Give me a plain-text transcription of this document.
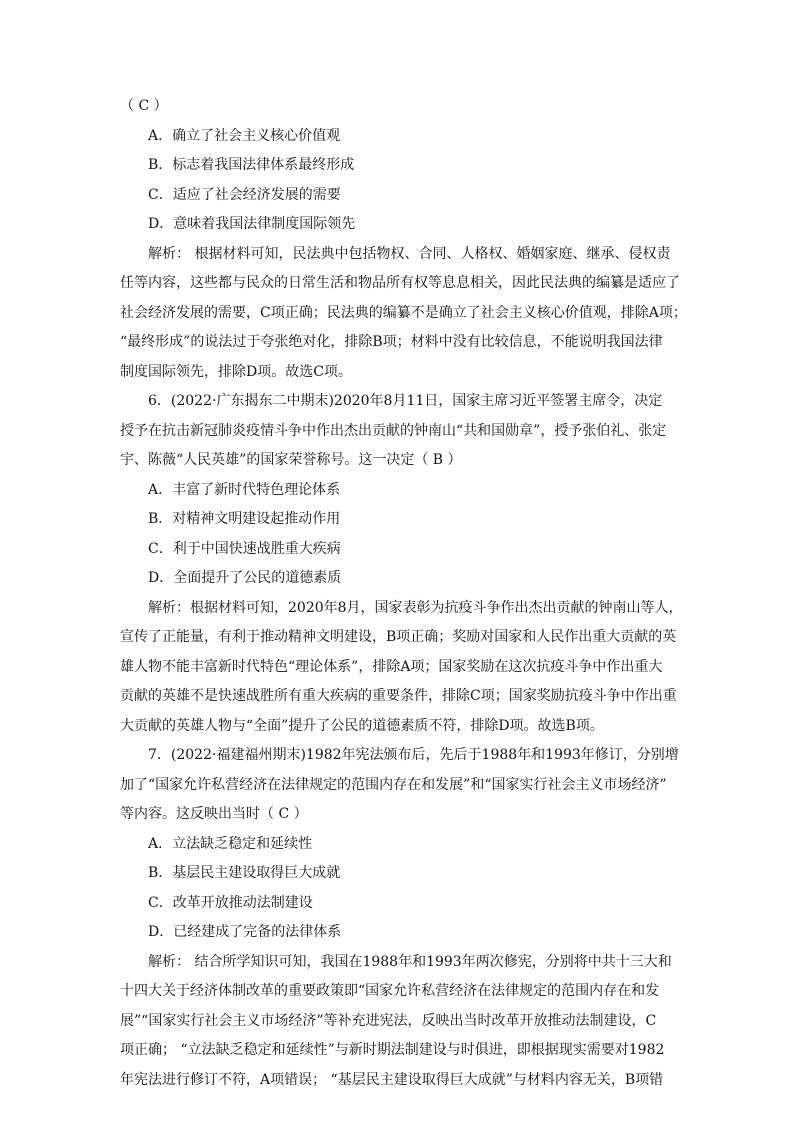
（ C ）
A．确立了社会主义核心价值观
B．标志着我国法律体系最终形成
C．适应了社会经济发展的需要
D．意味着我国法律制度国际领先
解析： 根据材料可知，民法典中包括物权、合同、人格权、婚姻家庭、继承、侵权责
任等内容，这些都与民众的日常生活和物品所有权等息息相关，因此民法典的编纂是适应了
社会经济发展的需要，C项正确；民法典的编纂不是确立了社会主义核心价值观，排除A项；
“最终形成”的说法过于夸张绝对化，排除B项；材料中没有比较信息，不能说明我国法律
制度国际领先，排除D项。故选C项。
6．(2022·广东揭东二中期末)2020年8月11日，国家主席习近平签署主席令，决定
授予在抗击新冠肺炎疫情斗争中作出杰出贡献的钟南山“共和国勋章”，授予张伯礼、张定
宇、陈薇“人民英雄”的国家荣誉称号。这一决定（ B ）
A．丰富了新时代特色理论体系
B．对精神文明建设起推动作用
C．利于中国快速战胜重大疾病
D．全面提升了公民的道德素质
解析：根据材料可知，2020年8月，国家表彰为抗疫斗争作出杰出贡献的钟南山等人，
宣传了正能量，有利于推动精神文明建设，B项正确；奖励对国家和人民作出重大贡献的英
雄人物不能丰富新时代特色“理论体系”，排除A项；国家奖励在这次抗疫斗争中作出重大
贡献的英雄不是快速战胜所有重大疾病的重要条件，排除C项；国家奖励抗疫斗争中作出重
大贡献的英雄人物与“全面”提升了公民的道德素质不符，排除D项。故选B项。
7．(2022·福建福州期末)1982年宪法颁布后，先后于1988年和1993年修订，分别增
加了“国家允许私营经济在法律规定的范围内存在和发展”和“国家实行社会主义市场经济”
等内容。这反映出当时（ C ）
A．立法缺乏稳定和延续性
B．基层民主建设取得巨大成就
C．改革开放推动法制建设
D．已经建成了完备的法律体系
解析： 结合所学知识可知，我国在1988年和1993年两次修宪，分别将中共十三大和
十四大关于经济体制改革的重要政策即“国家允许私营经济在法律规定的范围内存在和发
展”“国家实行社会主义市场经济”等补充进宪法，反映出当时改革开放推动法制建设，C
项正确； “立法缺乏稳定和延续性”与新时期法制建设与时俱进，即根据现实需要对1982
年宪法进行修订不符，A项错误； “基层民主建设取得巨大成就”与材料内容无关，B项错
